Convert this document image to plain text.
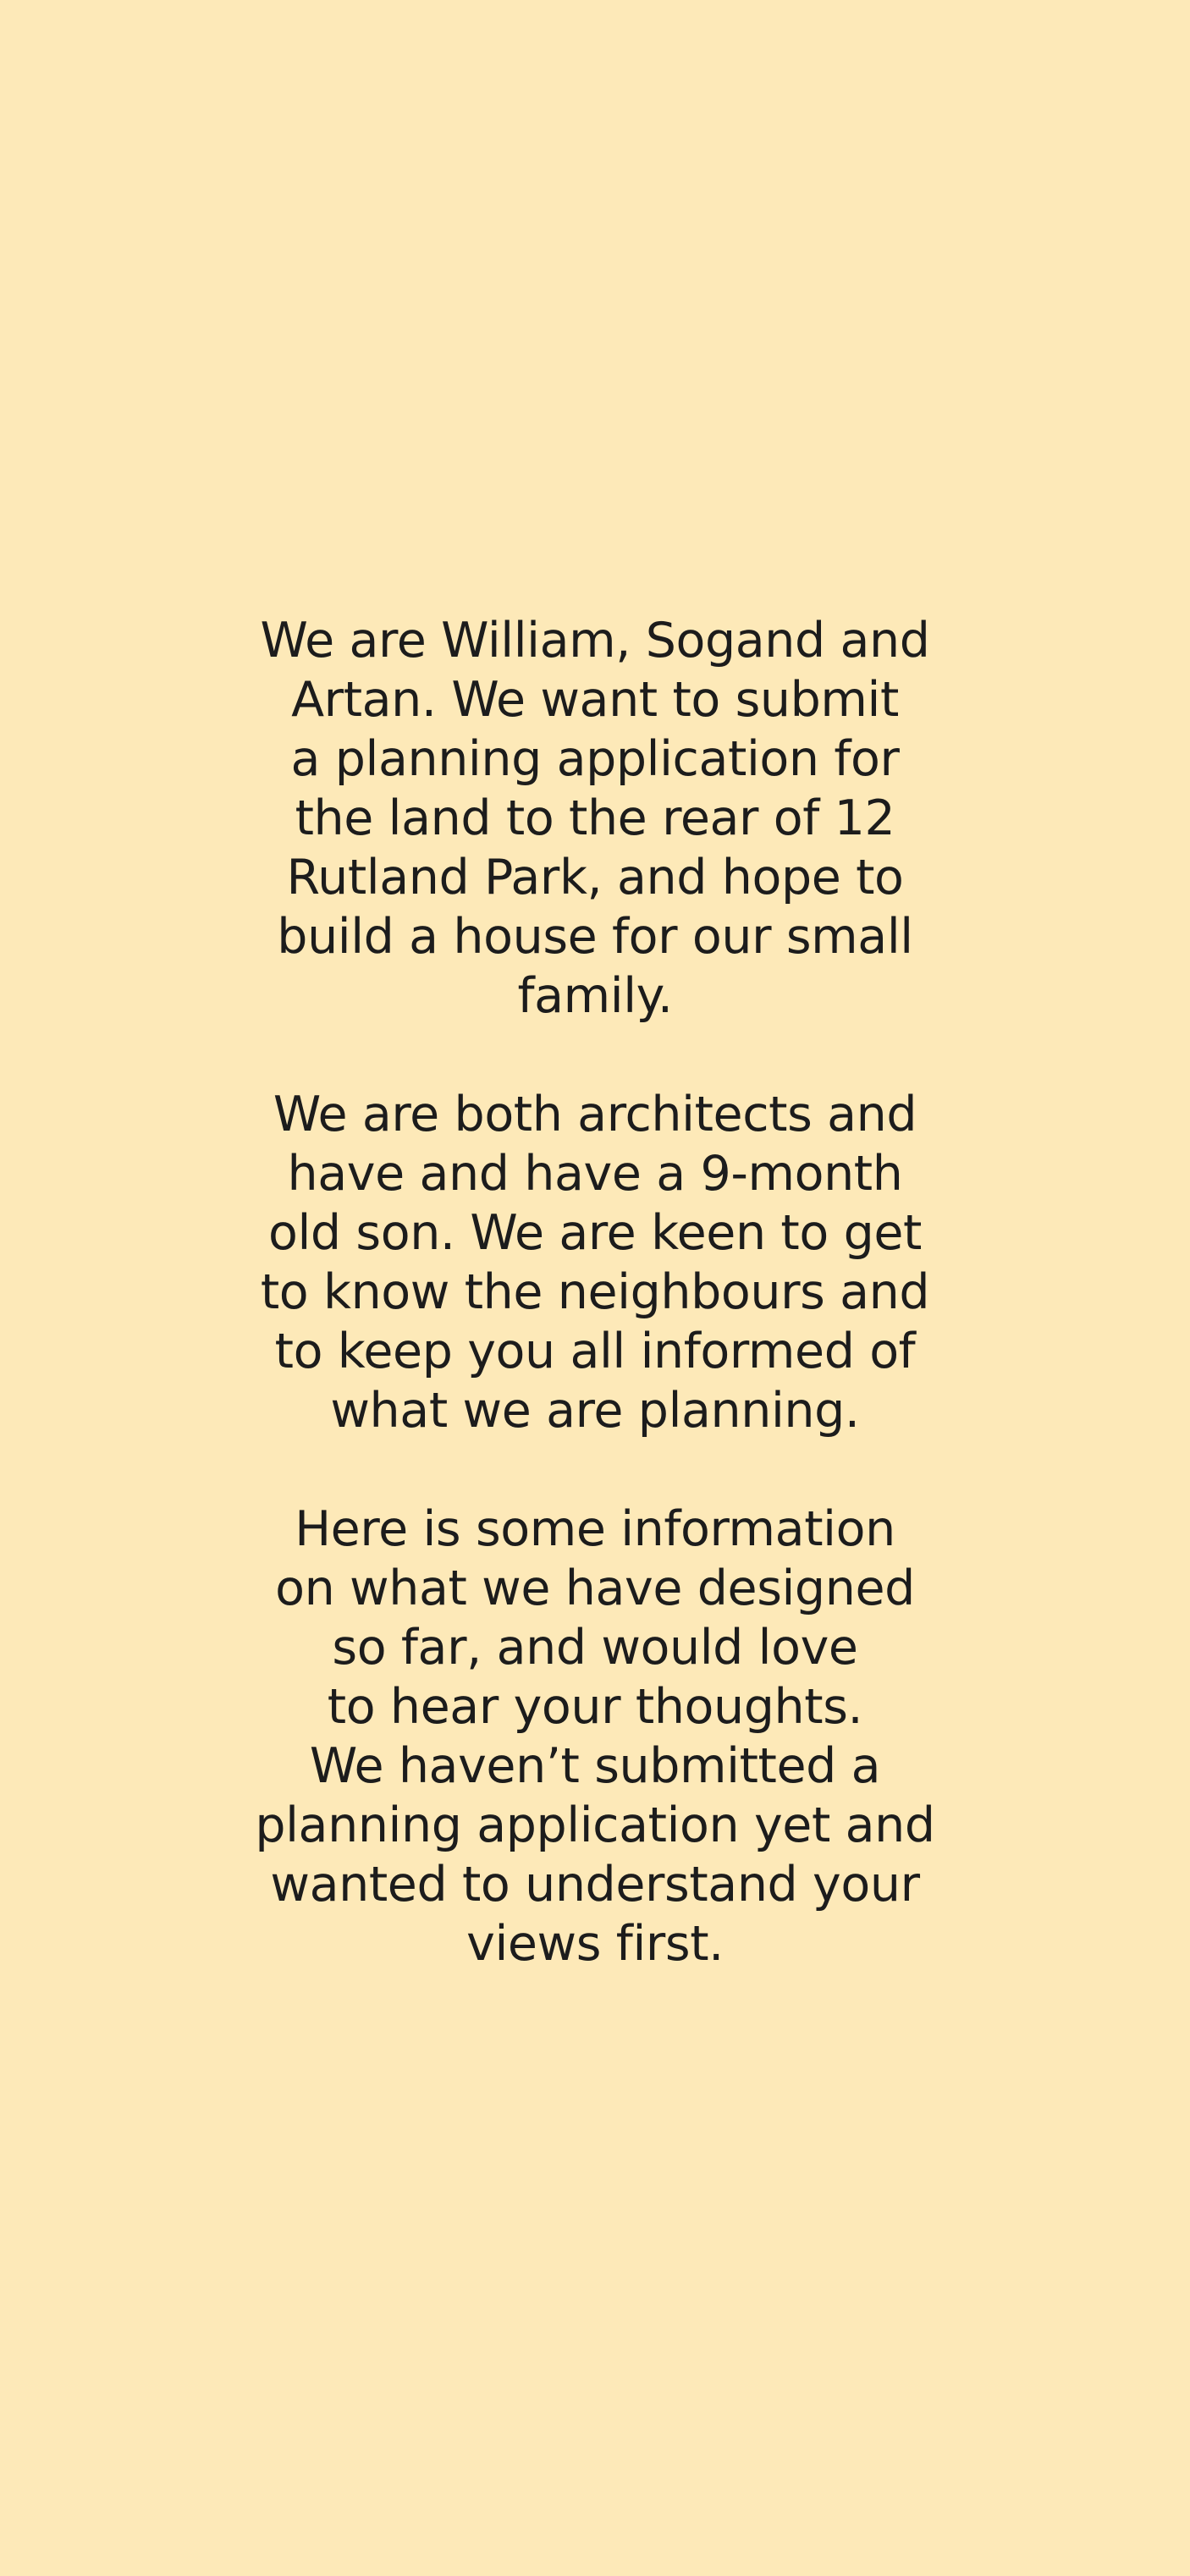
We are William, Sogand and
Artan. We want to submit
a planning application for
the land to the rear of 12
Rutland Park, and hope to
build a house for our small
family.

We are both architects and
have and have a 9-month
old son. We are keen to get
to know the neighbours and
to keep you all informed of
what we are planning.

Here is some information
on what we have designed
so far, and would love
to hear your thoughts.
We haven’t submitted a
planning application yet and
wanted to understand your
views first.
